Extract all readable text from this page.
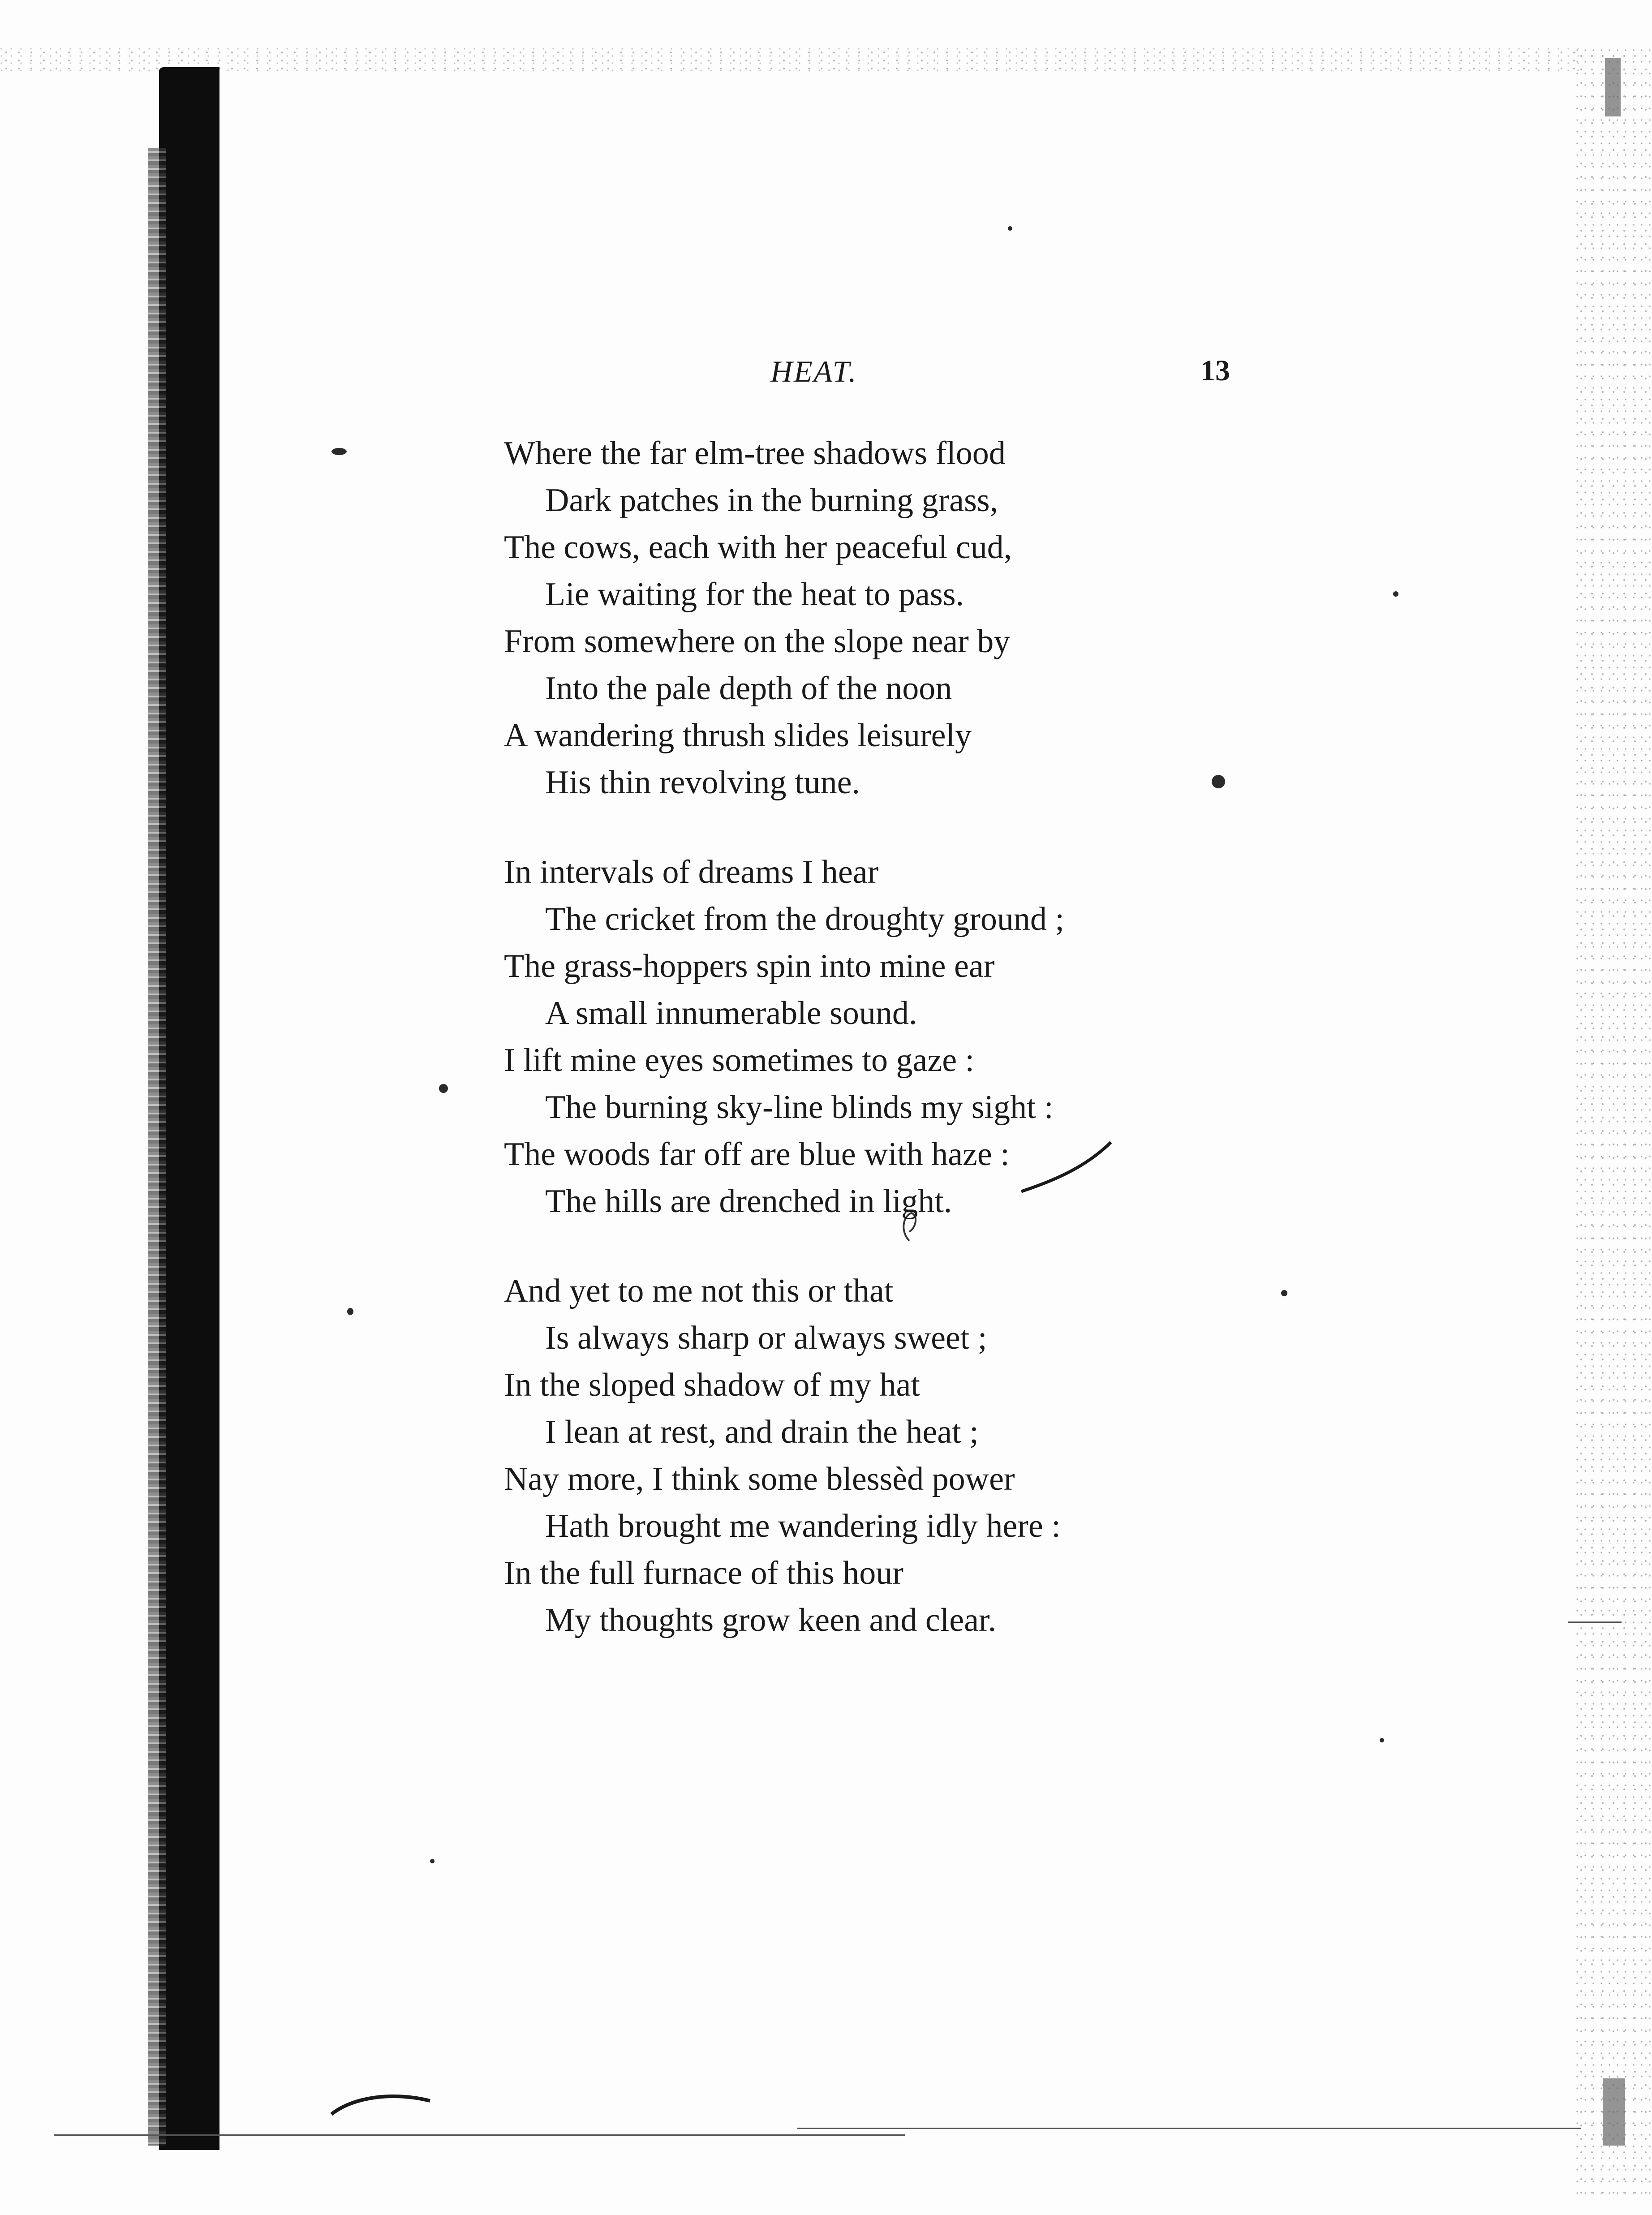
HEAT.	13
Where the far elm-tree shadows flood
Dark patches in the burning grass,
The cows, each with her peaceful cud,
Lie waiting for the heat to pass.
From somewhere on the slope near by
Into the pale depth of the noon
A wandering thrush slides leisurely
His thin revolving tune.
In intervals of dreams I hear
The cricket from the droughty ground ;
The grass-hoppers spin into mine ear
A small innumerable sound.
I lift mine eyes sometimes to gaze :
The burning sky-line blinds my sight :
The woods far off are blue with haze :
The hills are drenched in light.
And yet to me not this or that
Is always sharp or always sweet ;
In the sloped shadow of my hat
I lean at rest, and drain the heat ;
Nay more, I think some blessèd power
Hath brought me wandering idly here :
In the full furnace of this hour
My thoughts grow keen and clear.
